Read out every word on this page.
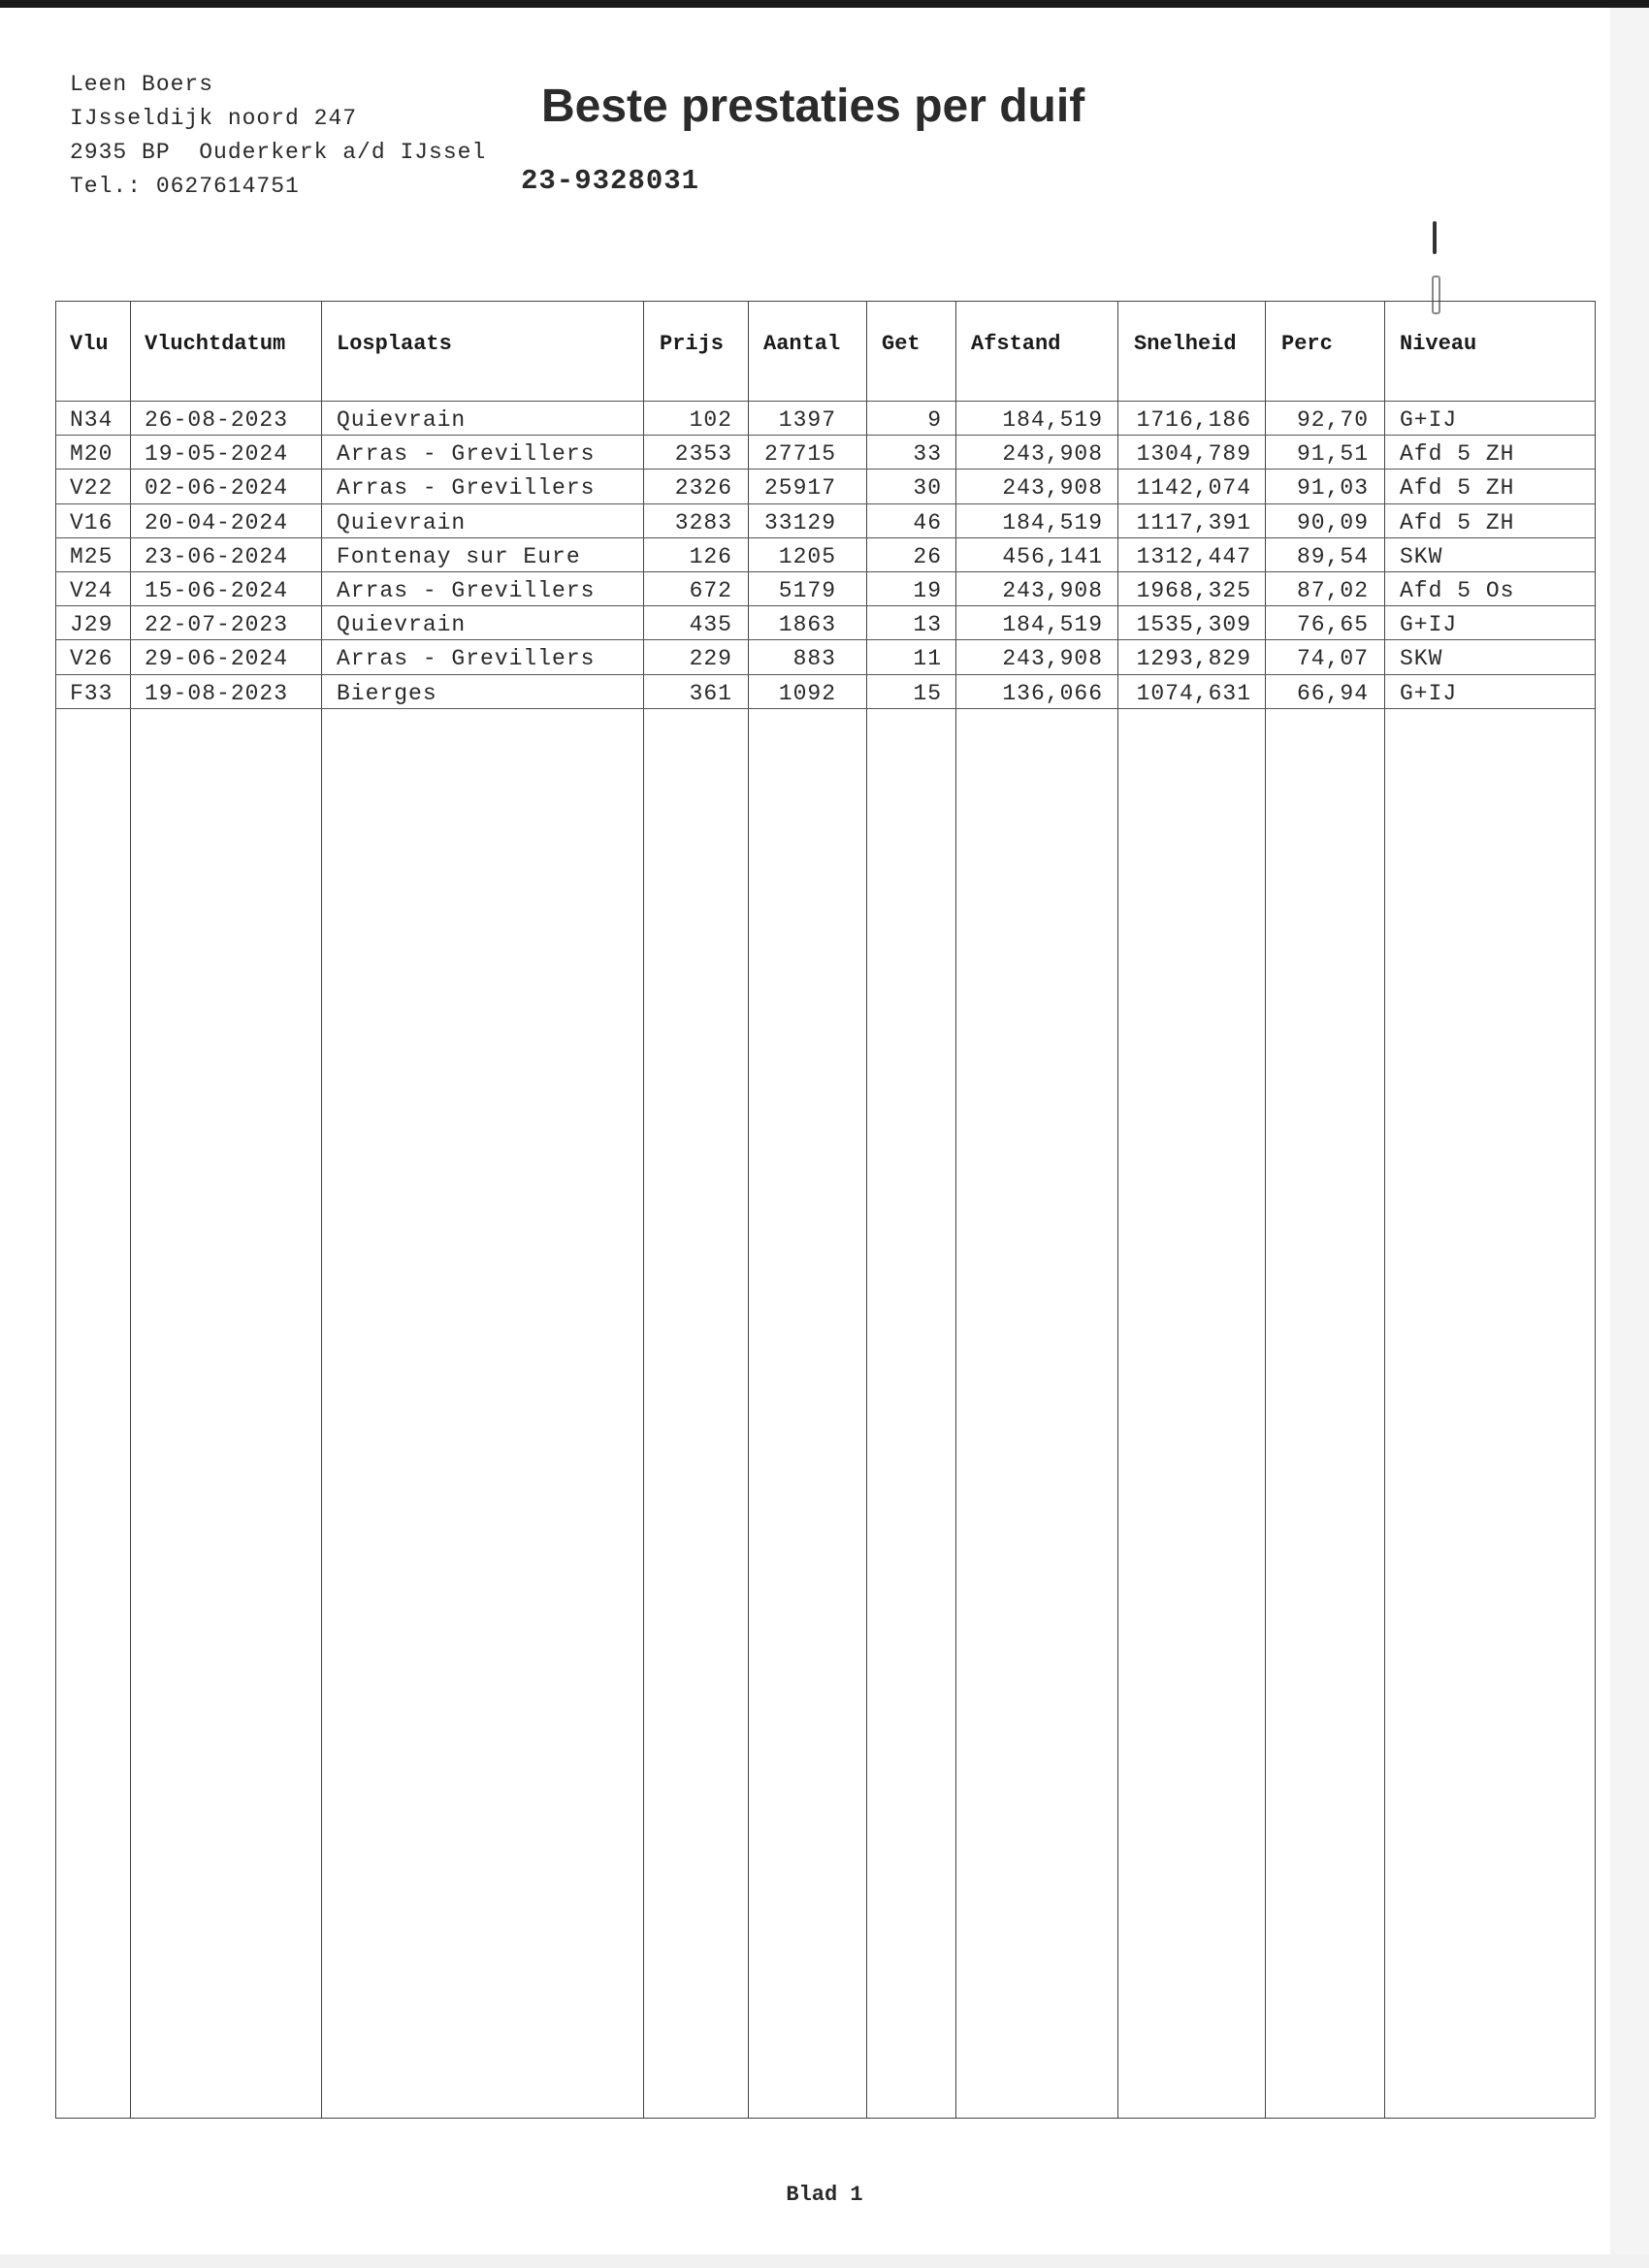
Leen Boers
IJsseldijk noord 247
2935 BP  Ouderkerk a/d IJssel
Tel.: 0627614751
Beste prestaties per duif
23-9328031
Vlu Vluchtdatum Losplaats	Prijs Aantal Get Afstand	Snelheid Perc	Niveau
N34 26-08-2023 Quievrain	102 1397	9	184,519 1716,186 92,70 G+IJ
M20 19-05-2024 Arras - Grevillers	2353 27715	33	243,908 1304,789 91,51 Afd 5 ZH
V22 02-06-2024 Arras - Grevillers	2326 25917	30	243,908 1142,074 91,03 Afd 5 ZH
V16 20-04-2024 Quievrain	3283 33129	46	184,519 1117,391 90,09 Afd 5 ZH
M25 23-06-2024 Fontenay sur Eure	126 1205	26	456,141 1312,447 89,54 SKW
V24 15-06-2024 Arras - Grevillers	672 5179	19	243,908 1968,325 87,02 Afd 5 Os
J29 22-07-2023 Quievrain	435 1863	13	184,519 1535,309 76,65 G+IJ
V26 29-06-2024 Arras - Grevillers	229	883	11	243,908 1293,829 74,07 SKW
F33 19-08-2023 Bierges	361 1092	15	136,066 1074,631 66,94 G+IJ
Blad 1
